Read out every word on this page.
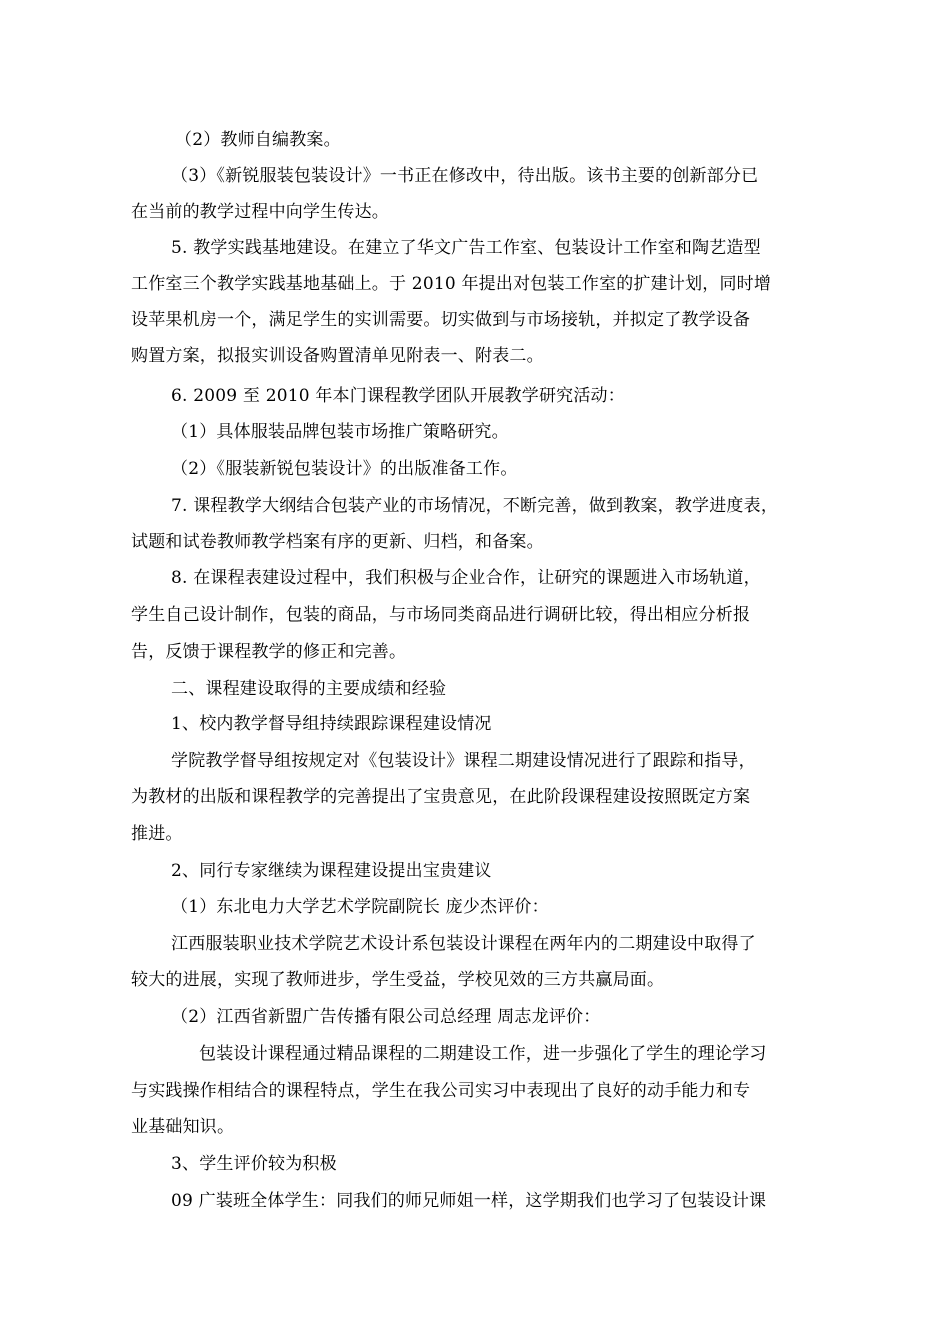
（2）教师自编教案。
（3）《新锐服装包装设计》一书正在修改中，待出版。该书主要的创新部分已
在当前的教学过程中向学生传达。
5. 教学实践基地建设。在建立了华文广告工作室、包装设计工作室和陶艺造型
工作室三个教学实践基地基础上。于 2010 年提出对包装工作室的扩建计划，同时增
设苹果机房一个，满足学生的实训需要。切实做到与市场接轨，并拟定了教学设备
购置方案，拟报实训设备购置清单见附表一、附表二。
6. 2009 至 2010 年本门课程教学团队开展教学研究活动：
（1）具体服装品牌包装市场推广策略研究。
（2）《服装新锐包装设计》的出版准备工作。
7. 课程教学大纲结合包装产业的市场情况，不断完善，做到教案，教学进度表，
试题和试卷教师教学档案有序的更新、归档，和备案。
8. 在课程表建设过程中，我们积极与企业合作，让研究的课题进入市场轨道，
学生自己设计制作，包装的商品，与市场同类商品进行调研比较，得出相应分析报
告，反馈于课程教学的修正和完善。
二、课程建设取得的主要成绩和经验
1、校内教学督导组持续跟踪课程建设情况
学院教学督导组按规定对《包装设计》课程二期建设情况进行了跟踪和指导，
为教材的出版和课程教学的完善提出了宝贵意见，在此阶段课程建设按照既定方案
推进。
2、同行专家继续为课程建设提出宝贵建议
（1）东北电力大学艺术学院副院长 庞少杰评价：
江西服装职业技术学院艺术设计系包装设计课程在两年内的二期建设中取得了
较大的进展，实现了教师进步，学生受益，学校见效的三方共赢局面。
（2）江西省新盟广告传播有限公司总经理 周志龙评价：
包装设计课程通过精品课程的二期建设工作，进一步强化了学生的理论学习
与实践操作相结合的课程特点，学生在我公司实习中表现出了良好的动手能力和专
业基础知识。
3、学生评价较为积极
09 广装班全体学生：同我们的师兄师姐一样，这学期我们也学习了包装设计课
